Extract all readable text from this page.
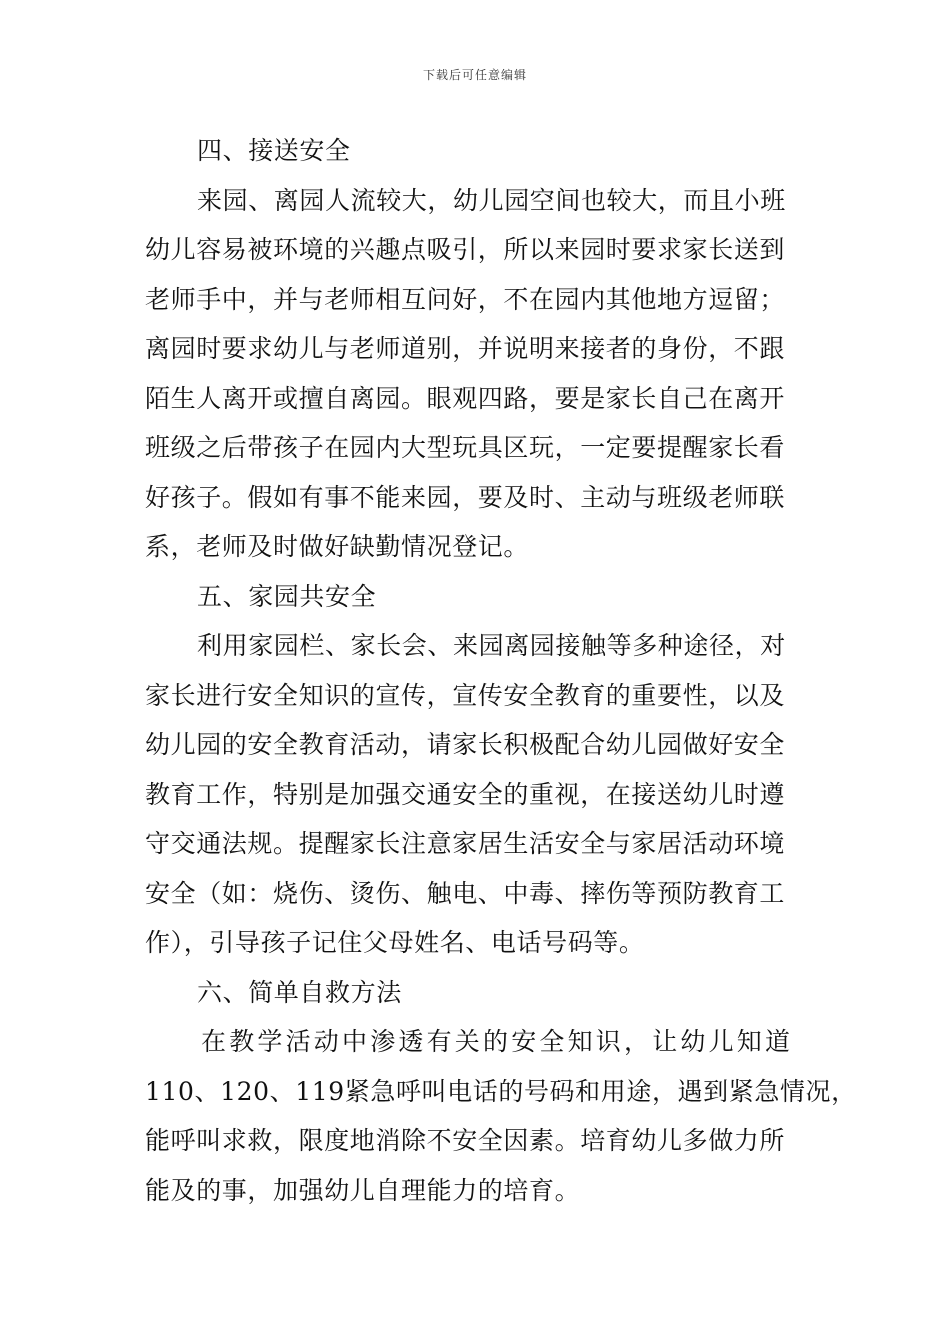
下载后可任意编辑
四、接送安全
来园、离园人流较大，幼儿园空间也较大，而且小班
幼儿容易被环境的兴趣点吸引，所以来园时要求家长送到
老师手中，并与老师相互问好，不在园内其他地方逗留；
离园时要求幼儿与老师道别，并说明来接者的身份，不跟
陌生人离开或擅自离园。眼观四路，要是家长自己在离开
班级之后带孩子在园内大型玩具区玩，一定要提醒家长看
好孩子。假如有事不能来园，要及时、主动与班级老师联
系，老师及时做好缺勤情况登记。
五、家园共安全
利用家园栏、家长会、来园离园接触等多种途径，对
家长进行安全知识的宣传，宣传安全教育的重要性，以及
幼儿园的安全教育活动，请家长积极配合幼儿园做好安全
教育工作，特别是加强交通安全的重视，在接送幼儿时遵
守交通法规。提醒家长注意家居生活安全与家居活动环境
安全（如：烧伤、烫伤、触电、中毒、摔伤等预防教育工
作），引导孩子记住父母姓名、电话号码等。
六、简单自救方法
在教学活动中渗透有关的安全知识，让幼儿知道
110、120、119紧急呼叫电话的号码和用途，遇到紧急情况，
能呼叫求救，限度地消除不安全因素。培育幼儿多做力所
能及的事，加强幼儿自理能力的培育。
